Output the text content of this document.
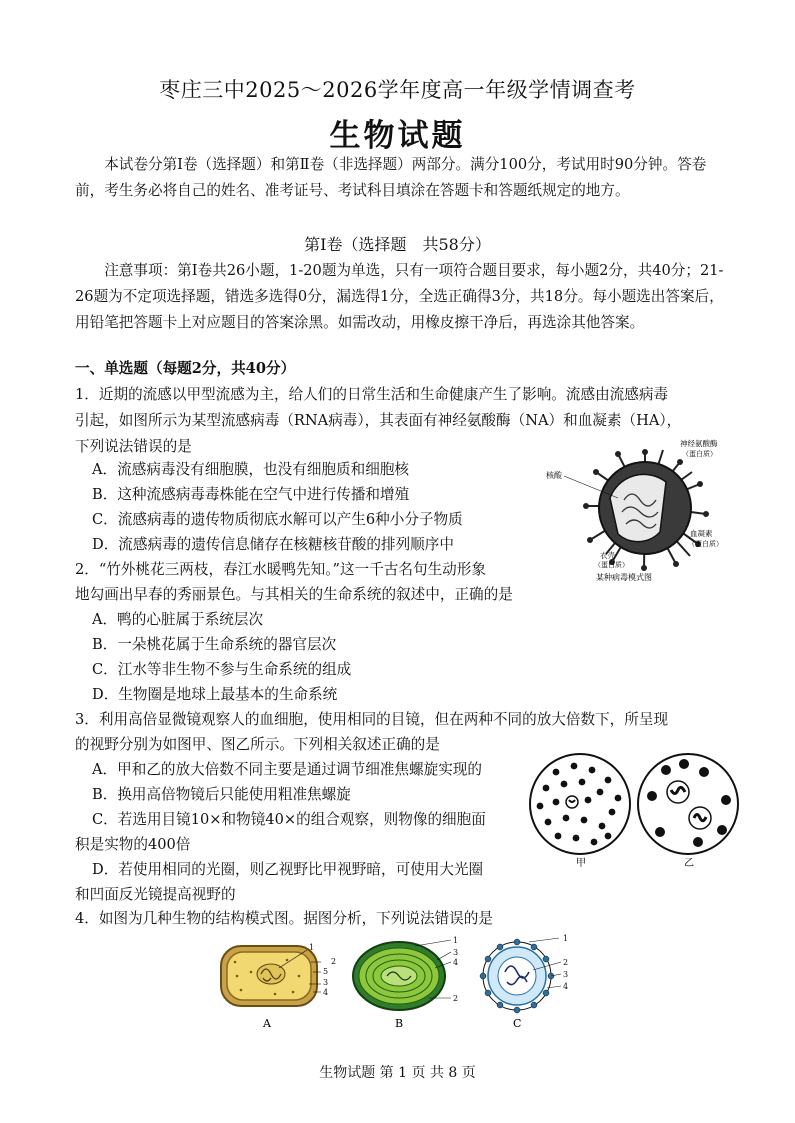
枣庄三中2025～2026学年度高一年级学情调查考
生物试题
本试卷分第Ⅰ卷（选择题）和第Ⅱ卷（非选择题）两部分。满分100分，考试用时90分钟。答卷前，考生务必将自己的姓名、准考证号、考试科目填涂在答题卡和答题纸规定的地方。
第Ⅰ卷（选择题　共58分）
注意事项：第Ⅰ卷共26小题，1-20题为单选，只有一项符合题目要求，每小题2分，共40分；21-26题为不定项选择题，错选多选得0分，漏选得1分，全选正确得3分，共18分。每小题选出答案后，用铅笔把答题卡上对应题目的答案涂黑。如需改动，用橡皮擦干净后，再选涂其他答案。
一、单选题（每题2分，共40分）
1．近期的流感以甲型流感为主，给人们的日常生活和生命健康产生了影响。流感由流感病毒
引起，如图所示为某型流感病毒（RNA病毒），其表面有神经氨酸酶（NA）和血凝素（HA），
下列说法错误的是
A．流感病毒没有细胞膜，也没有细胞质和细胞核
B．这种流感病毒毒株能在空气中进行传播和增殖
C．流感病毒的遗传物质彻底水解可以产生6种小分子物质
D．流感病毒的遗传信息储存在核糖核苷酸的排列顺序中
核酸
神经氨酸酶
（蛋白质）
血凝素
（蛋白质）
衣壳
（蛋白质）
某种病毒模式图
2．“竹外桃花三两枝，春江水暖鸭先知。”这一千古名句生动形象
地勾画出早春的秀丽景色。与其相关的生命系统的叙述中，正确的是
A．鸭的心脏属于系统层次
B．一朵桃花属于生命系统的器官层次
C．江水等非生物不参与生命系统的组成
D．生物圈是地球上最基本的生命系统
3．利用高倍显微镜观察人的血细胞，使用相同的目镜，但在两种不同的放大倍数下，所呈现
的视野分别为如图甲、图乙所示。下列相关叙述正确的是
A．甲和乙的放大倍数不同主要是通过调节细准焦螺旋实现的
B．换用高倍物镜后只能使用粗准焦螺旋
C．若选用目镜10×和物镜40×的组合观察，则物像的细胞面
积是实物的400倍
D．若使用相同的光圈，则乙视野比甲视野暗，可使用大光圈
和凹面反光镜提高视野的
甲	乙
4．如图为几种生物的结构模式图。据图分析，下列说法错误的是
1
2
5
3
4
A
1
3
4
2
B
1
2
3
4
C
生物试题 第 1 页 共 8 页
